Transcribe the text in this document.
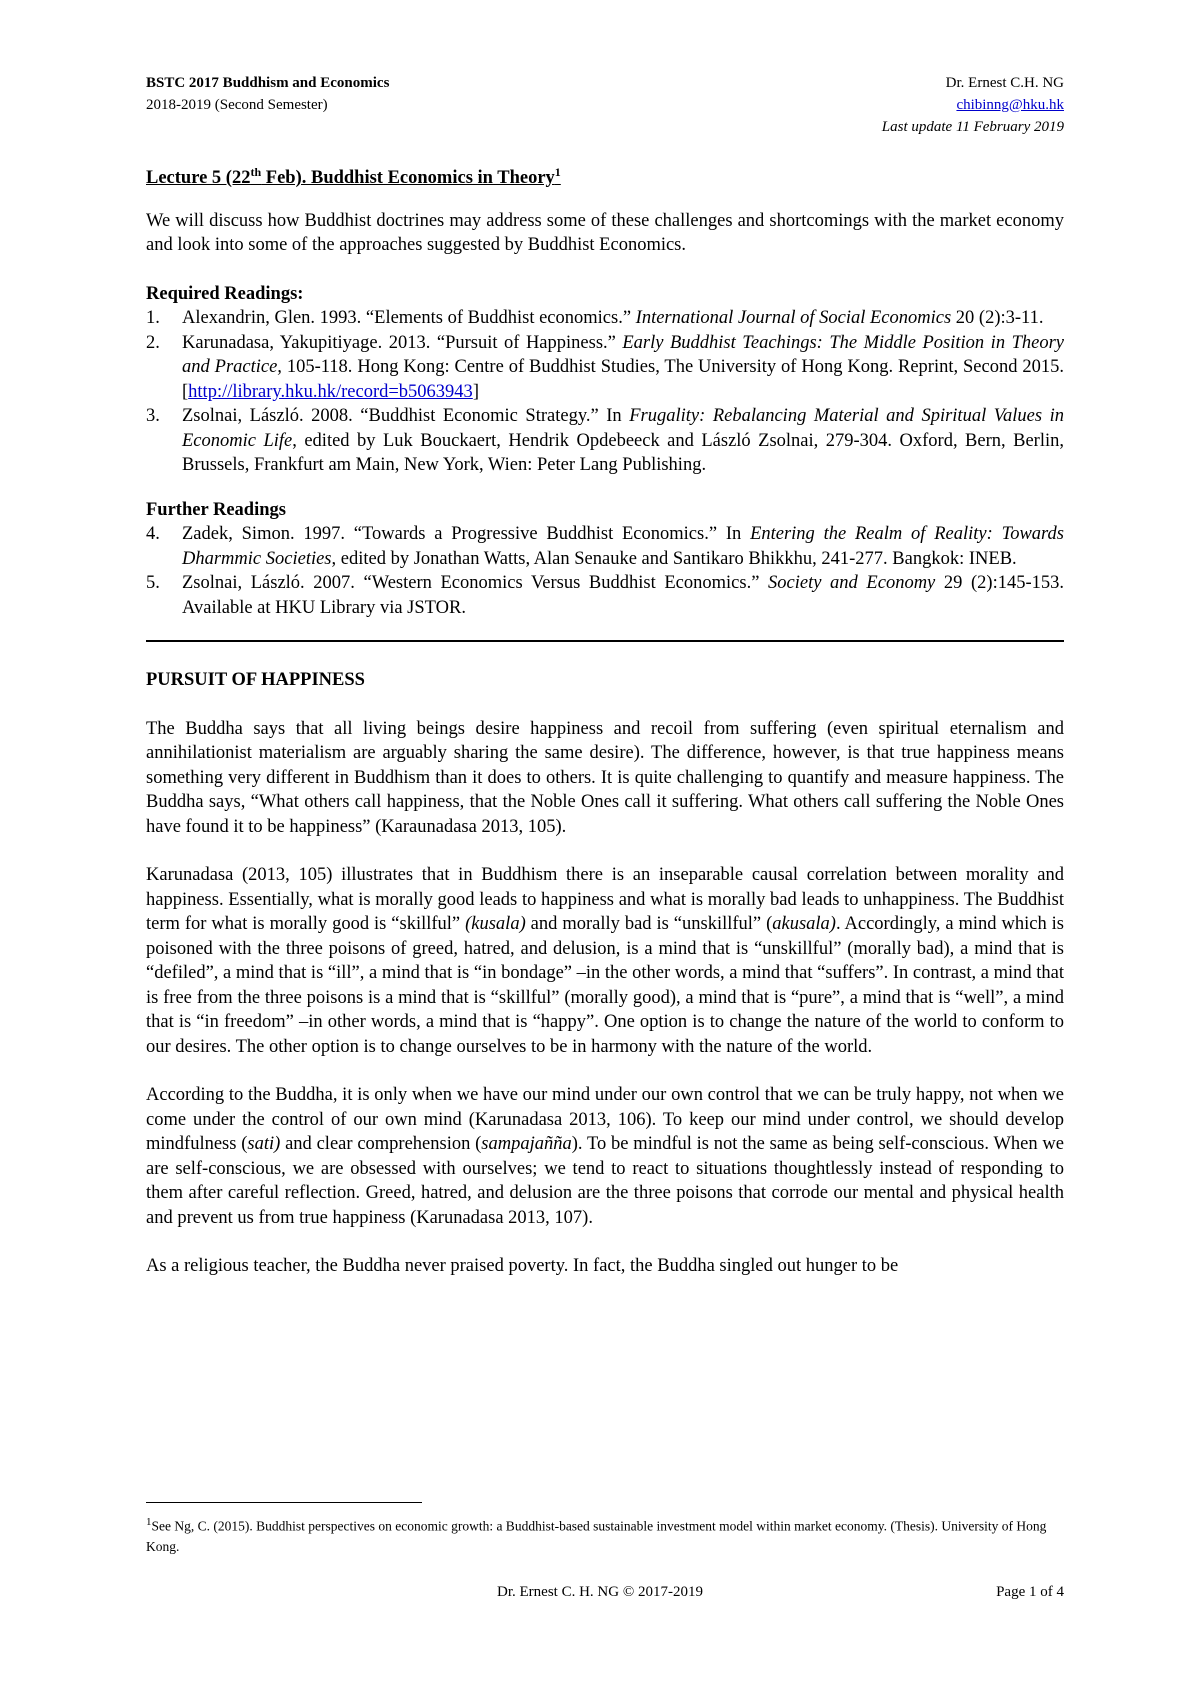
BSTC 2017 Buddhism and Economics
2018-2019 (Second Semester)
Dr. Ernest C.H. NG
chibinng@hku.hk
Last update 11 February 2019
Lecture 5 (22th Feb). Buddhist Economics in Theory$^1$

We will discuss how Buddhist doctrines may address some of these challenges and shortcomings with the market economy and look into some of the approaches suggested by Buddhist Economics.

Required Readings:
1. Alexandrin, Glen. 1993. “Elements of Buddhist economics.” International Journal of Social Economics 20 (2):3-11.
2. Karunadasa, Yakupitiyage. 2013. “Pursuit of Happiness.” Early Buddhist Teachings: The Middle Position in Theory and Practice, 105-118. Hong Kong: Centre of Buddhist Studies, The University of Hong Kong. Reprint, Second 2015. [http://library.hku.hk/record=b5063943]
3. Zsolnai, László. 2008. “Buddhist Economic Strategy.” In Frugality: Rebalancing Material and Spiritual Values in Economic Life, edited by Luk Bouckaert, Hendrik Opdebeeck and László Zsolnai, 279-304. Oxford, Bern, Berlin, Brussels, Frankfurt am Main, New York, Wien: Peter Lang Publishing.
Further Readings
4. Zadek, Simon. 1997. “Towards a Progressive Buddhist Economics.” In Entering the Realm of Reality: Towards Dharmmic Societies, edited by Jonathan Watts, Alan Senauke and Santikaro Bhikkhu, 241-277. Bangkok: INEB.
5. Zsolnai, László. 2007. “Western Economics Versus Buddhist Economics.” Society and Economy 29 (2):145-153. Available at HKU Library via JSTOR.
PURSUIT OF HAPPINESS

The Buddha says that all living beings desire happiness and recoil from suffering (even spiritual eternalism and annihilationist materialism are arguably sharing the same desire). The difference, however, is that true happiness means something very different in Buddhism than it does to others. It is quite challenging to quantify and measure happiness. The Buddha says, “What others call happiness, that the Noble Ones call it suffering. What others call suffering the Noble Ones have found it to be happiness” (Karaunadasa 2013, 105).

Karunadasa (2013, 105) illustrates that in Buddhism there is an inseparable causal correlation between morality and happiness. Essentially, what is morally good leads to happiness and what is morally bad leads to unhappiness. The Buddhist term for what is morally good is “skillful” (kusala) and morally bad is “unskillful” (akusala). Accordingly, a mind which is poisoned with the three poisons of greed, hatred, and delusion, is a mind that is “unskillful” (morally bad), a mind that is “defiled”, a mind that is “ill”, a mind that is “in bondage” –in the other words, a mind that “suffers”. In contrast, a mind that is free from the three poisons is a mind that is “skillful” (morally good), a mind that is “pure”, a mind that is “well”, a mind that is “in freedom” –in other words, a mind that is “happy”. One option is to change the nature of the world to conform to our desires. The other option is to change ourselves to be in harmony with the nature of the world.

According to the Buddha, it is only when we have our mind under our own control that we can be truly happy, not when we come under the control of our own mind (Karunadasa 2013, 106). To keep our mind under control, we should develop mindfulness (sati) and clear comprehension (sampajañña). To be mindful is not the same as being self-conscious. When we are self-conscious, we are obsessed with ourselves; we tend to react to situations thoughtlessly instead of responding to them after careful reflection. Greed, hatred, and delusion are the three poisons that corrode our mental and physical health and prevent us from true happiness (Karunadasa 2013, 107).

As a religious teacher, the Buddha never praised poverty. In fact, the Buddha singled out hunger to be

$^1$See Ng, C. (2015). Buddhist perspectives on economic growth: a Buddhist-based sustainable investment model within market economy. (Thesis). University of Hong Kong.
Dr. Ernest C. H. NG © 2017-2019	Page 1 of 4
